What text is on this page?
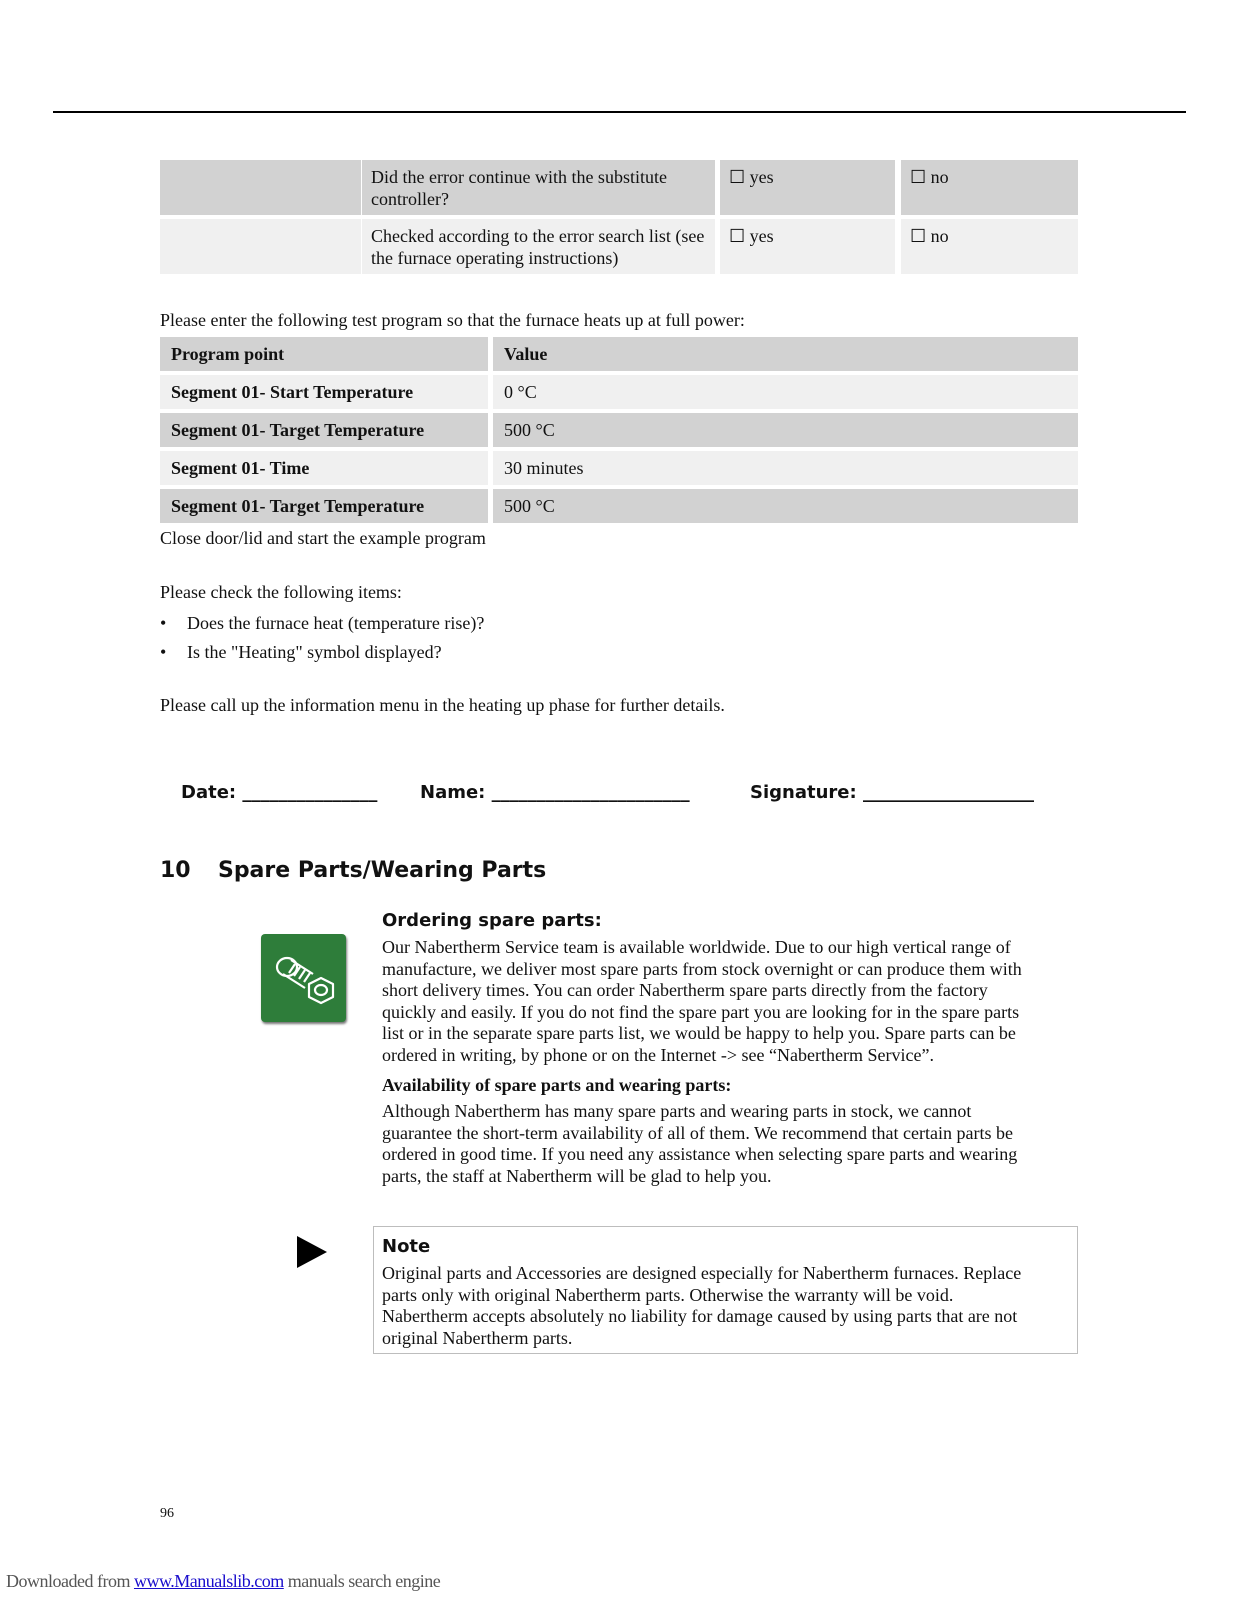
Did the error continue with the substitute controller?
☐ yes	☐ no
Checked according to the error search list (see the furnace operating instructions)
☐ yes	☐ no
Please enter the following test program so that the furnace heats up at full power:
Program point	Value
Segment 01- Start Temperature	0 °C
Segment 01- Target Temperature	500 °C
Segment 01- Time	30 minutes
Segment 01- Target Temperature	500 °C
Close door/lid and start the example program
Please check the following items:
• Does the furnace heat (temperature rise)?
• Is the "Heating" symbol displayed?
Please call up the information menu in the heating up phase for further details.
Date: _______________ Name: ______________________	Signature: ___________________
10 Spare Parts/Wearing Parts
Ordering spare parts:
Our Nabertherm Service team is available worldwide. Due to our high vertical range of
manufacture, we deliver most spare parts from stock overnight or can produce them with
short delivery times. You can order Nabertherm spare parts directly from the factory
quickly and easily. If you do not find the spare part you are looking for in the spare parts
list or in the separate spare parts list, we would be happy to help you. Spare parts can be
ordered in writing, by phone or on the Internet -> see “Nabertherm Service”.
Availability of spare parts and wearing parts:
Although Nabertherm has many spare parts and wearing parts in stock, we cannot
guarantee the short-term availability of all of them. We recommend that certain parts be
ordered in good time. If you need any assistance when selecting spare parts and wearing
parts, the staff at Nabertherm will be glad to help you.
Note
Original parts and Accessories are designed especially for Nabertherm furnaces. Replace
parts only with original Nabertherm parts. Otherwise the warranty will be void.
Nabertherm accepts absolutely no liability for damage caused by using parts that are not
original Nabertherm parts.
96
Downloaded from www.Manualslib.com manuals search engine
